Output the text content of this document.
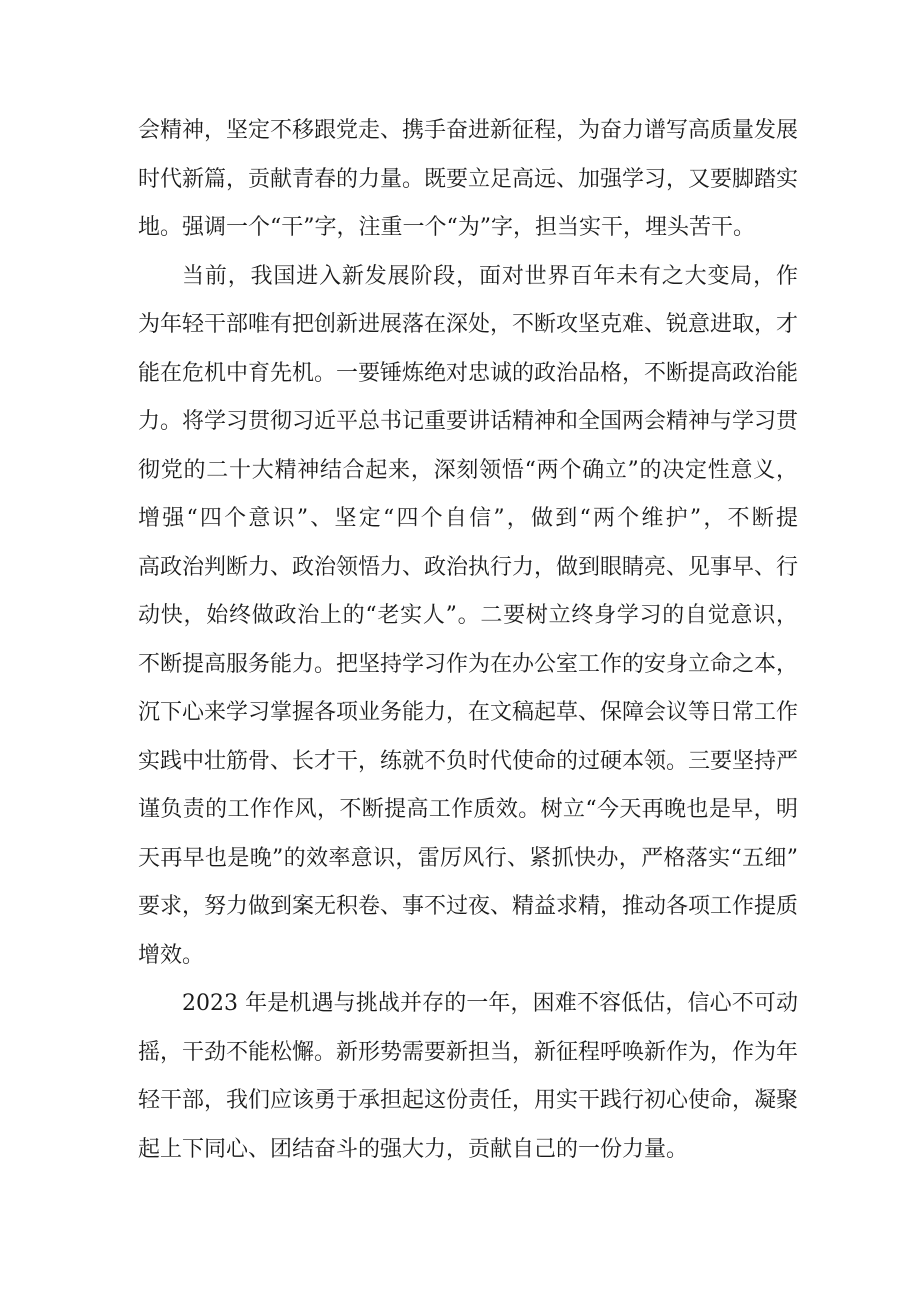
会精神，坚定不移跟党走、携手奋进新征程，为奋力谱写高质量发展
时代新篇，贡献青春的力量。既要立足高远、加强学习，又要脚踏实
地。强调一个“干”字，注重一个“为”字，担当实干，埋头苦干。
当前，我国进入新发展阶段，面对世界百年未有之大变局，作
为年轻干部唯有把创新进展落在深处，不断攻坚克难、锐意进取，才
能在危机中育先机。一要锤炼绝对忠诚的政治品格，不断提高政治能
力。将学习贯彻习近平总书记重要讲话精神和全国两会精神与学习贯
彻党的二十大精神结合起来，深刻领悟“两个确立”的决定性意义，
增强“四个意识”、坚定“四个自信”，做到“两个维护”，不断提
高政治判断力、政治领悟力、政治执行力，做到眼睛亮、见事早、行
动快，始终做政治上的“老实人”。二要树立终身学习的自觉意识，
不断提高服务能力。把坚持学习作为在办公室工作的安身立命之本，
沉下心来学习掌握各项业务能力，在文稿起草、保障会议等日常工作
实践中壮筋骨、长才干，练就不负时代使命的过硬本领。三要坚持严
谨负责的工作作风，不断提高工作质效。树立“今天再晚也是早，明
天再早也是晚”的效率意识，雷厉风行、紧抓快办，严格落实“五细”
要求，努力做到案无积卷、事不过夜、精益求精，推动各项工作提质
增效。
2023 年是机遇与挑战并存的一年，困难不容低估，信心不可动
摇，干劲不能松懈。新形势需要新担当，新征程呼唤新作为，作为年
轻干部，我们应该勇于承担起这份责任，用实干践行初心使命，凝聚
起上下同心、团结奋斗的强大力，贡献自己的一份力量。
